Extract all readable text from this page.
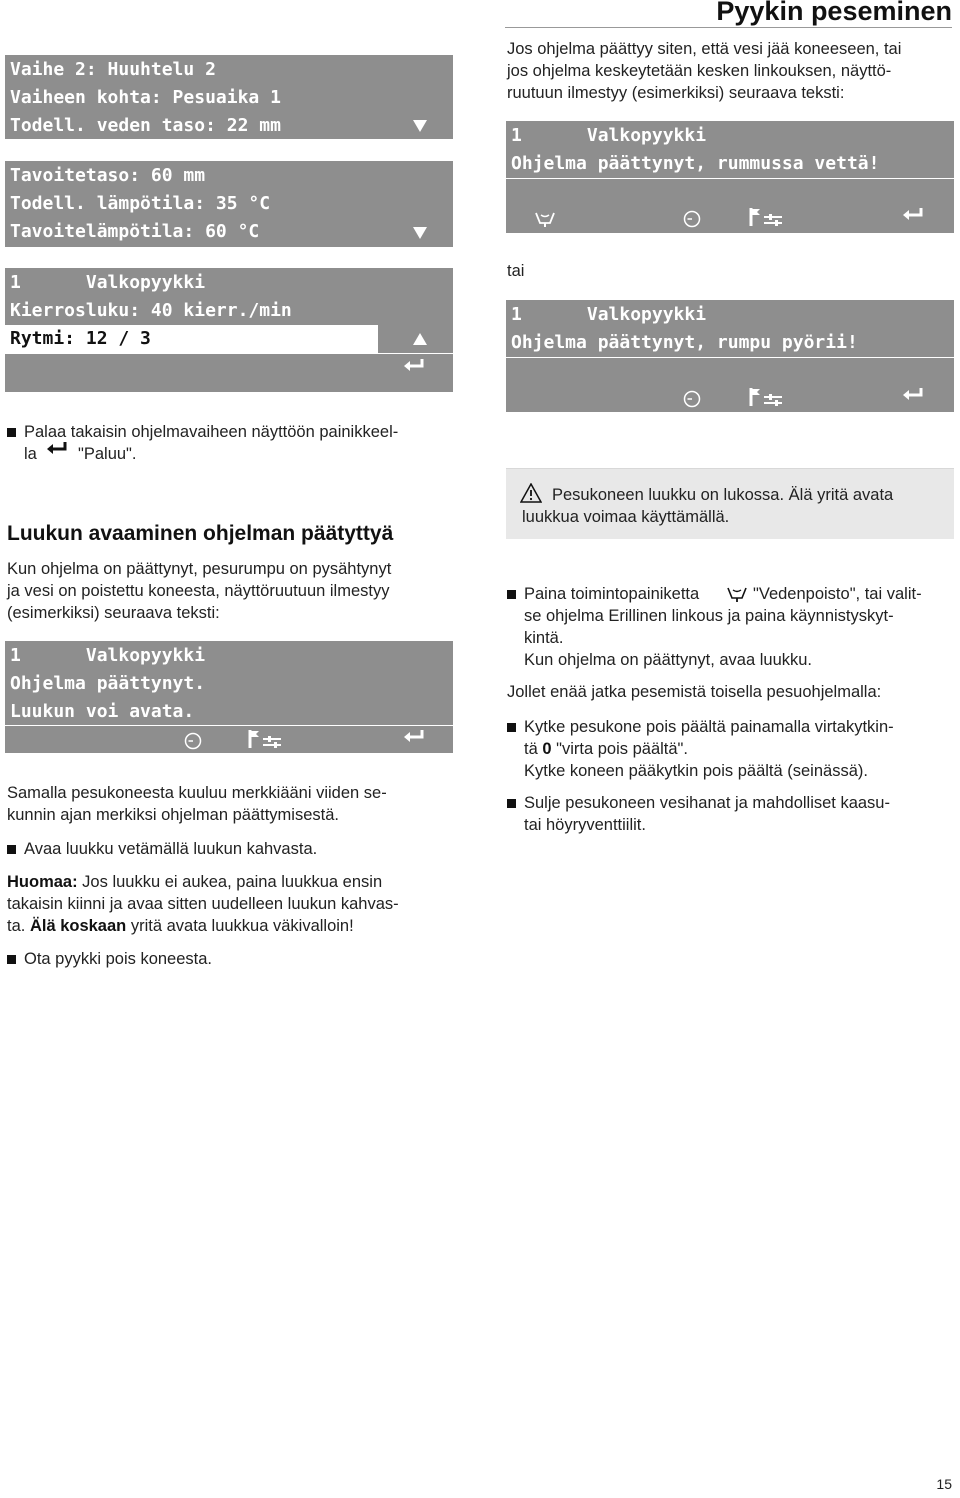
Pyykin peseminen
Vaihe 2: Huuhtelu 2
Vaiheen kohta: Pesuaika 1
Todell. veden taso: 22 mm
Tavoitetaso: 60 mm
Todell. lämpötila: 35 °C
Tavoitelämpötila: 60 °C
1      Valkopyykki
Kierrosluku: 40 kierr./min
Rytmi: 12 / 3
Palaa takaisin ohjelmavaiheen näyttöön painikkeel-
la "Paluu".
Luukun avaaminen ohjelman päätyttyä
Kun ohjelma on päättynyt, pesurumpu on pysähtynyt
ja vesi on poistettu koneesta, näyttöruutuun ilmestyy
(esimerkiksi) seuraava teksti:
1      Valkopyykki
Ohjelma päättynyt.
Luukun voi avata.
Samalla pesukoneesta kuuluu merkkiääni viiden se-
kunnin ajan merkiksi ohjelman päättymisestä.
Avaa luukku vetämällä luukun kahvasta.
Huomaa: Jos luukku ei aukea, paina luukkua ensin
takaisin kiinni ja avaa sitten uudelleen luukun kahvas-
ta. Älä koskaan yritä avata luukkua väkivalloin!
Ota pyykki pois koneesta.
Jos ohjelma päättyy siten, että vesi jää koneeseen, tai
jos ohjelma keskeytetään kesken linkouksen, näyttö-
ruutuun ilmestyy (esimerkiksi) seuraava teksti:
1      Valkopyykki
Ohjelma päättynyt, rummussa vettä!
tai
1      Valkopyykki
Ohjelma päättynyt, rumpu pyörii!
Pesukoneen luukku on lukossa. Älä yritä avata
luukkua voimaa käyttämällä.
Paina toimintopainiketta	"Vedenpoisto", tai valit-
se ohjelma Erillinen linkous ja paina käynnistyskyt-
kintä.
Kun ohjelma on päättynyt, avaa luukku.
Jollet enää jatka pesemistä toisella pesuohjelmalla:
Kytke pesukone pois päältä painamalla virtakytkin-
tä 0 "virta pois päältä".
Kytke koneen pääkytkin pois päältä (seinässä).
Sulje pesukoneen vesihanat ja mahdolliset kaasu-
tai höyryventtiilit.
15
